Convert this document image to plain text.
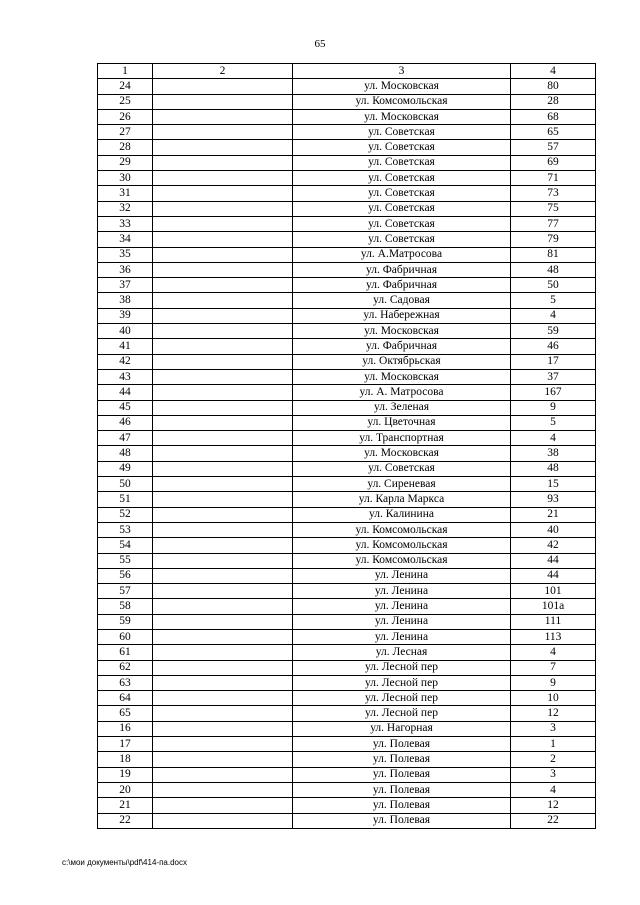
65
1	2	3	4
24		ул. Московская	80
25		ул. Комсомольская	28
26		ул. Московская	68
27		ул. Советская	65
28		ул. Советская	57
29		ул. Советская	69
30		ул. Советская	71
31		ул. Советская	73
32		ул. Советская	75
33		ул. Советская	77
34		ул. Советская	79
35		ул. А.Матросова	81
36		ул. Фабричная	48
37		ул. Фабричная	50
38		ул. Садовая	5
39		ул. Набережная	4
40		ул. Московская	59
41		ул. Фабричная	46
42		ул. Октябрьская	17
43		ул. Московская	37
44		ул. А. Матросова	167
45		ул. Зеленая	9
46		ул. Цветочная	5
47		ул. Транспортная	4
48		ул. Московская	38
49		ул. Советская	48
50		ул. Сиреневая	15
51		ул. Карла Маркса	93
52		ул. Калинина	21
53		ул. Комсомольская	40
54		ул. Комсомольская	42
55		ул. Комсомольская	44
56		ул. Ленина	44
57		ул. Ленина	101
58		ул. Ленина	101а
59		ул. Ленина	111
60		ул. Ленина	113
61		ул. Лесная	4
62		ул. Лесной пер	7
63		ул. Лесной пер	9
64		ул. Лесной пер	10
65		ул. Лесной пер	12
16		ул. Нагорная	3
17		ул. Полевая	1
18		ул. Полевая	2
19		ул. Полевая	3
20		ул. Полевая	4
21		ул. Полевая	12
22		ул. Полевая	22
c:\мои документы\pdf\414-па.docx
